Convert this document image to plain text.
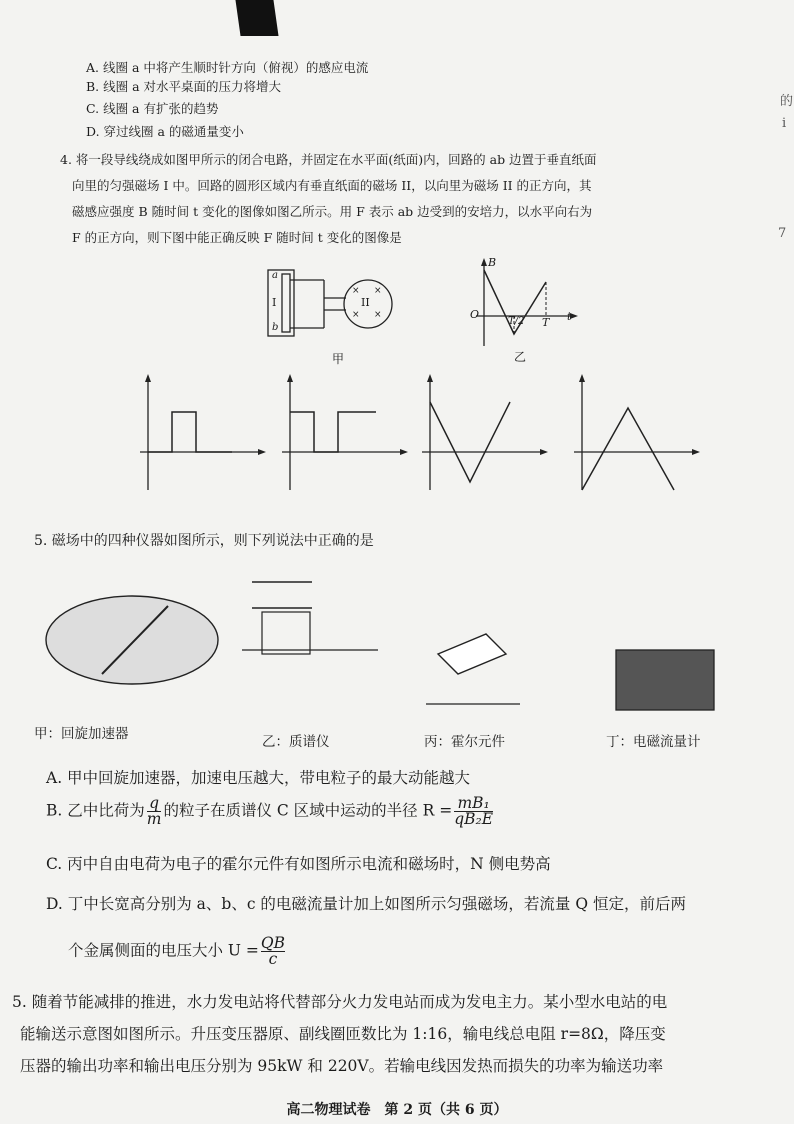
的
i
7
A. 线圈 a 中将产生顺时针方向（俯视）的感应电流
B. 线圈 a 对水平桌面的压力将增大
C. 线圈 a 有扩张的趋势
D. 穿过线圈 a 的磁通量变小
4. 将一段导线绕成如图甲所示的闭合电路，并固定在水平面(纸面)内，回路的 ab 边置于垂直纸面
向里的匀强磁场 I 中。回路的圆形区域内有垂直纸面的磁场 II，以向里为磁场 II 的正方向，其
磁感应强度 B 随时间 t 变化的图像如图乙所示。用 F 表示 ab 边受到的安培力，以水平向右为
F 的正方向，则下图中能正确反映 F 随时间 t 变化的图像是
a
b
I	II
× ×
× ×
甲
B
O	t
T/2 T
乙
5. 磁场中的四种仪器如图所示，则下列说法中正确的是
甲：回旋加速器	乙：质谱仪	丙：霍尔元件	丁：电磁流量计
A. 甲中回旋加速器，加速电压越大，带电粒子的最大动能越大
B. 乙中比荷为 $\frac{q}{m}$ 的粒子在质谱仪 C 区域中运动的半径 $R = \frac{\text{mB₁}}{\text{qB₂E}}$
C. 丙中自由电荷为电子的霍尔元件有如图所示电流和磁场时，N 侧电势高
D. 丁中长宽高分别为 a、b、c 的电磁流量计加上如图所示匀强磁场，若流量 Q 恒定，前后两
个金属侧面的电压大小 $U = \frac{QB}{c}$
5. 随着节能减排的推进，水力发电站将代替部分火力发电站而成为发电主力。某小型水电站的电
能输送示意图如图所示。升压变压器原、副线圈匝数比为 1:16，输电线总电阻 r=8Ω，降压变
压器的输出功率和输出电压分别为 95kW 和 220V。若输电线因发热而损失的功率为输送功率
高二物理试卷　第 2 页（共 6 页）
